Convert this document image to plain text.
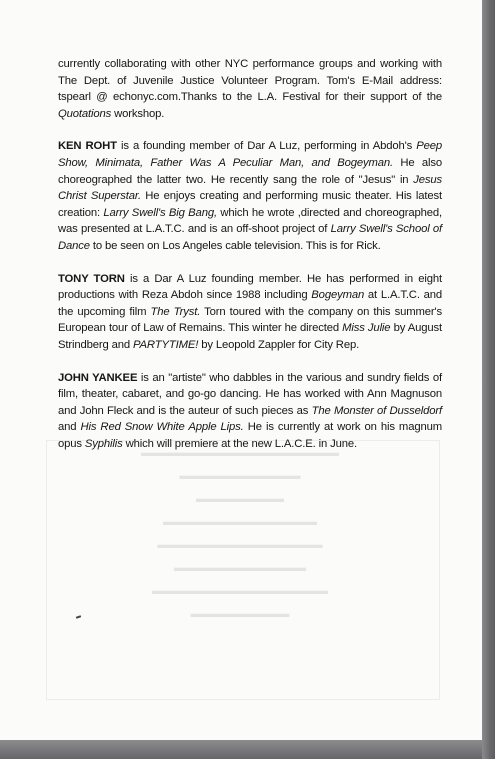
▬▬▬▬▬▬▬▬▬▬▬▬▬▬▬▬▬▬
▬▬▬▬▬▬▬▬▬▬▬
▬▬▬▬▬▬▬▬
▬▬▬▬▬▬▬▬▬▬▬▬▬▬
▬▬▬▬▬▬▬▬▬▬▬▬▬▬▬
▬▬▬▬▬▬▬▬▬▬▬▬
▬▬▬▬▬▬▬▬▬▬▬▬▬▬▬▬
▬▬▬▬▬▬▬▬▬

currently collaborating with other NYC performance groups and working with The Dept. of Juvenile Justice Volunteer Program. Tom's E-Mail address: tspearl @ echonyc.com.Thanks to the L.A. Festival for their support of the Quotations workshop.

KEN ROHT is a founding member of Dar A Luz, performing in Abdoh's Peep Show, Minimata, Father Was A Peculiar Man, and Bogeyman. He also choreographed the latter two. He recently sang the role of "Jesus" in Jesus Christ Superstar. He enjoys creating and performing music theater. His latest creation: Larry Swell's Big Bang, which he wrote ,directed and choreographed, was presented at L.A.T.C. and is an off-shoot project of Larry Swell's School of Dance to be seen on Los Angeles cable television. This is for Rick.

TONY TORN is a Dar A Luz founding member. He has performed in eight productions with Reza Abdoh since 1988 including Bogeyman at L.A.T.C. and the upcoming film The Tryst. Torn toured with the company on this summer's European tour of Law of Remains. This winter he directed Miss Julie by August Strindberg and PARTYTIME! by Leopold Zappler for City Rep.

JOHN YANKEE is an "artiste" who dabbles in the various and sundry fields of film, theater, cabaret, and go-go dancing. He has worked with Ann Magnuson and John Fleck and is the auteur of such pieces as The Monster of Dusseldorf and His Red Snow White Apple Lips. He is currently at work on his magnum opus Syphilis which will premiere at the new L.A.C.E. in June.
